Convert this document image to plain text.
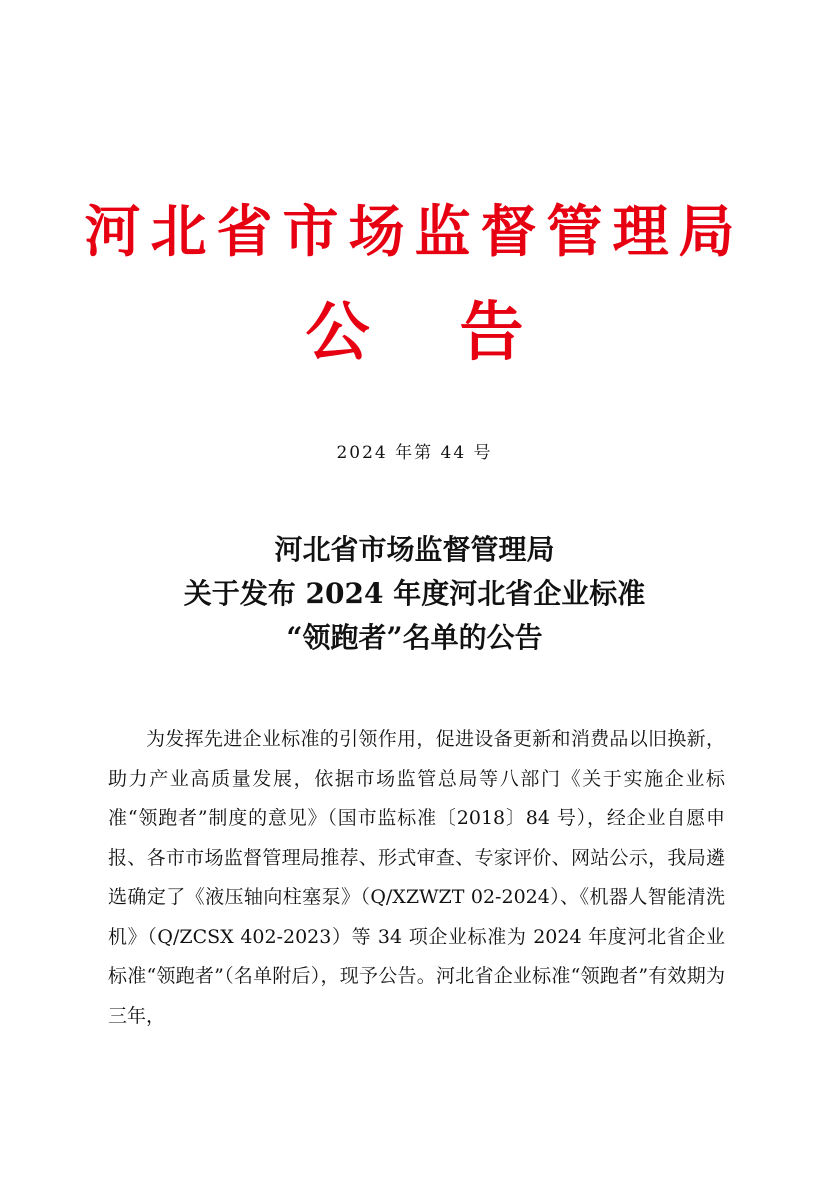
河北省市场监督管理局
公 告
2024 年第 44 号
河北省市场监督管理局
关于发布 2024 年度河北省企业标准
“领跑者”名单的公告

为发挥先进企业标准的引领作用，促进设备更新和消费品以旧换新，助力产业高质量发展，依据市场监管总局等八部门《关于实施企业标准“领跑者”制度的意见》（国市监标准〔2018〕84 号），经企业自愿申报、各市市场监督管理局推荐、形式审查、专家评价、网站公示，我局遴选确定了《液压轴向柱塞泵》（Q/XZWZT 02-2024）、《机器人智能清洗机》（Q/ZCSX 402-2023）等 34 项企业标准为 2024 年度河北省企业标准“领跑者”（名单附后），现予公告。河北省企业标准“领跑者”有效期为三年，
